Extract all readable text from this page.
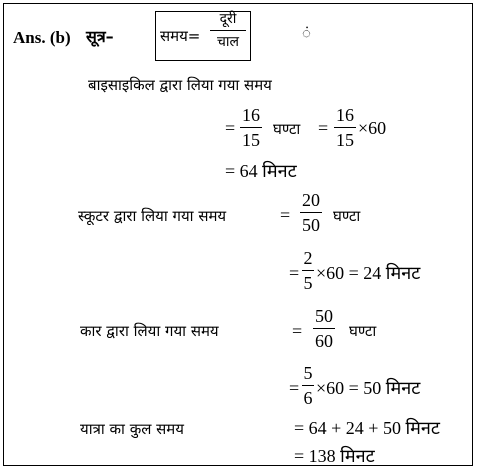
Ans. (b) सूत्र–	समय=
दूरी
चाल	ं
बाइसाइकिल द्वारा लिया गया समय
=
16
15
घण्टा =
16
15
×60
= 64 मिनट
स्कूटर द्वारा लिया गया समय	=
20
50 घण्टा
=
2
5 ×60 = 24 मिनट
कार द्वारा लिया गया समय	=
50
60 घण्टा
=
5
6 ×60 = 50 मिनट
यात्रा का कुल समय	= 64 + 24 + 50 मिनट
= 138 मिनट
